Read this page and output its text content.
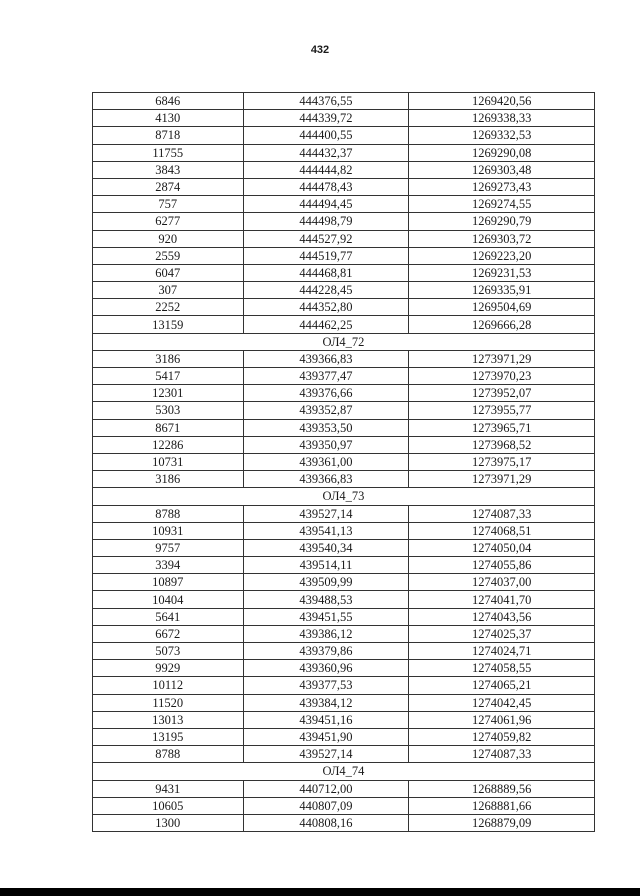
432
6846	444376,55	1269420,56
4130	444339,72	1269338,33
8718	444400,55	1269332,53
11755	444432,37	1269290,08
3843	444444,82	1269303,48
2874	444478,43	1269273,43
757	444494,45	1269274,55
6277	444498,79	1269290,79
920	444527,92	1269303,72
2559	444519,77	1269223,20
6047	444468,81	1269231,53
307	444228,45	1269335,91
2252	444352,80	1269504,69
13159	444462,25	1269666,28
ОЛ4_72		
3186	439366,83	1273971,29
5417	439377,47	1273970,23
12301	439376,66	1273952,07
5303	439352,87	1273955,77
8671	439353,50	1273965,71
12286	439350,97	1273968,52
10731	439361,00	1273975,17
3186	439366,83	1273971,29
ОЛ4_73		
8788	439527,14	1274087,33
10931	439541,13	1274068,51
9757	439540,34	1274050,04
3394	439514,11	1274055,86
10897	439509,99	1274037,00
10404	439488,53	1274041,70
5641	439451,55	1274043,56
6672	439386,12	1274025,37
5073	439379,86	1274024,71
9929	439360,96	1274058,55
10112	439377,53	1274065,21
11520	439384,12	1274042,45
13013	439451,16	1274061,96
13195	439451,90	1274059,82
8788	439527,14	1274087,33
ОЛ4_74		
9431	440712,00	1268889,56
10605	440807,09	1268881,66
1300	440808,16	1268879,09
